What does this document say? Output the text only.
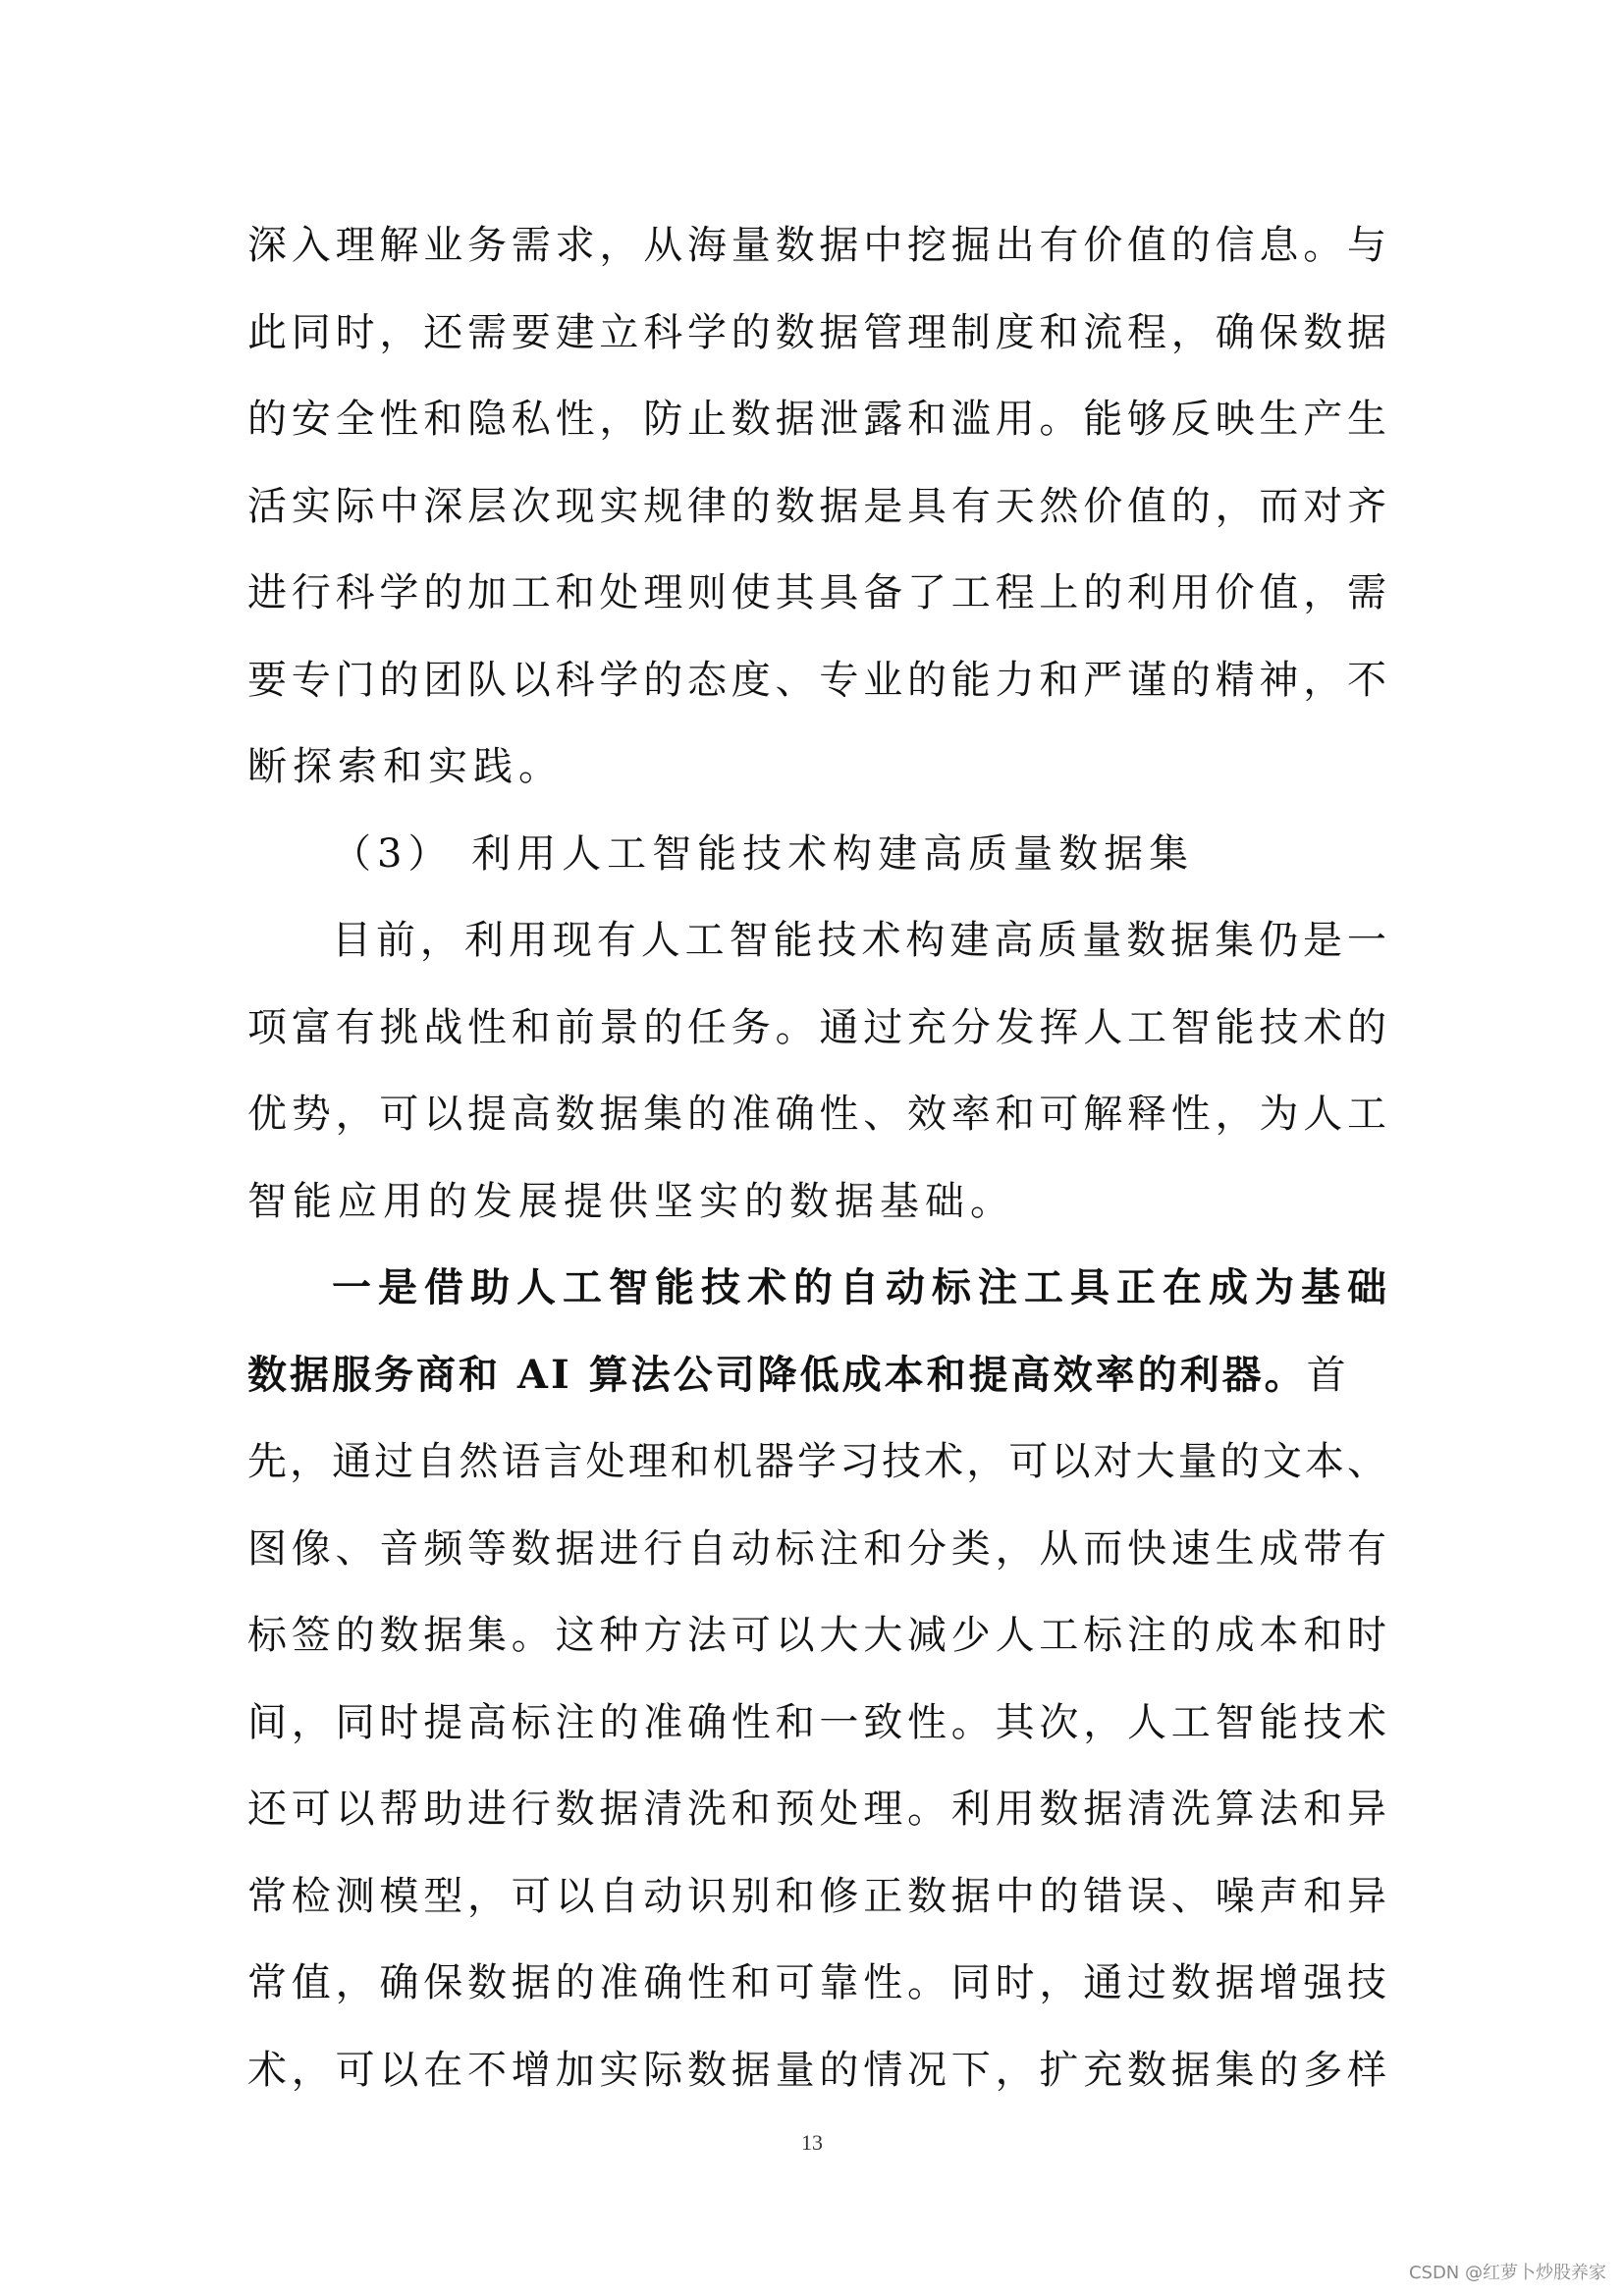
深入理解业务需求，从海量数据中挖掘出有价值的信息。与
此同时，还需要建立科学的数据管理制度和流程，确保数据
的安全性和隐私性，防止数据泄露和滥用。能够反映生产生
活实际中深层次现实规律的数据是具有天然价值的，而对齐
进行科学的加工和处理则使其具备了工程上的利用价值，需
要专门的团队以科学的态度、专业的能力和严谨的精神，不
断探索和实践。
（3） 利用人工智能技术构建高质量数据集
目前，利用现有人工智能技术构建高质量数据集仍是一
项富有挑战性和前景的任务。通过充分发挥人工智能技术的
优势，可以提高数据集的准确性、效率和可解释性，为人工
智能应用的发展提供坚实的数据基础。
一是借助人工智能技术的自动标注工具正在成为基础
数据服务商和 AI 算法公司降低成本和提高效率的利器。首
先，通过自然语言处理和机器学习技术，可以对大量的文本、
图像、音频等数据进行自动标注和分类，从而快速生成带有
标签的数据集。这种方法可以大大减少人工标注的成本和时
间，同时提高标注的准确性和一致性。其次，人工智能技术
还可以帮助进行数据清洗和预处理。利用数据清洗算法和异
常检测模型，可以自动识别和修正数据中的错误、噪声和异
常值，确保数据的准确性和可靠性。同时，通过数据增强技
术，可以在不增加实际数据量的情况下，扩充数据集的多样
13
CSDN @红萝卜炒股养家
